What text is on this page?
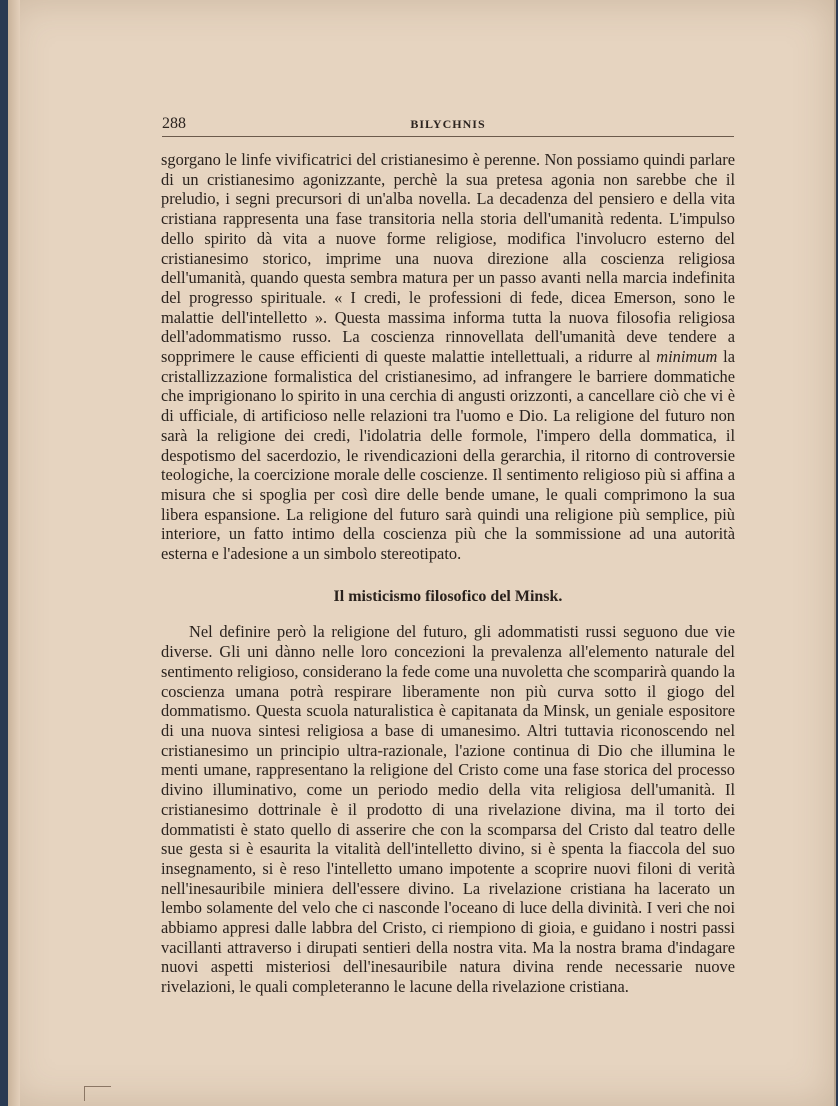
288	BILYCHNIS

sgorgano le linfe vivificatrici del cristianesimo è perenne. Non possiamo quindi parlare di un cristianesimo agonizzante, perchè la sua pretesa agonia non sarebbe che il preludio, i segni precursori di un'alba novella. La decadenza del pensiero e della vita cristiana rappresenta una fase transitoria nella storia dell'umanità redenta. L'impulso dello spirito dà vita a nuove forme religiose, modifica l'involucro esterno del cristianesimo storico, imprime una nuova direzione alla coscienza religiosa dell'umanità, quando questa sembra matura per un passo avanti nella marcia indefinita del progresso spirituale. « I credi, le professioni di fede, dicea Emerson, sono le malattie dell'intelletto ». Questa massima informa tutta la nuova filosofia religiosa dell'adommatismo russo. La coscienza rinnovellata dell'umanità deve tendere a sopprimere le cause efficienti di queste malattie intellettuali, a ridurre al minimum la cristallizzazione formalistica del cristianesimo, ad infrangere le barriere dommatiche che imprigionano lo spirito in una cerchia di angusti orizzonti, a cancellare ciò che vi è di ufficiale, di artificioso nelle relazioni tra l'uomo e Dio. La religione del futuro non sarà la religione dei credi, l'idolatria delle formole, l'impero della dommatica, il despotismo del sacerdozio, le rivendicazioni della gerarchia, il ritorno di controversie teologiche, la coercizione morale delle coscienze. Il sentimento religioso più si affina a misura che si spoglia per così dire delle bende umane, le quali comprimono la sua libera espansione. La religione del futuro sarà quindi una religione più semplice, più interiore, un fatto intimo della coscienza più che la sommissione ad una autorità esterna e l'adesione a un simbolo stereotipato.

Il misticismo filosofico del Minsk.

Nel definire però la religione del futuro, gli adommatisti russi seguono due vie diverse. Gli uni dànno nelle loro concezioni la prevalenza all'elemento naturale del sentimento religioso, considerano la fede come una nuvoletta che scomparirà quando la coscienza umana potrà respirare liberamente non più curva sotto il giogo del dommatismo. Questa scuola naturalistica è capitanata da Minsk, un geniale espositore di una nuova sintesi religiosa a base di umanesimo. Altri tuttavia riconoscendo nel cristianesimo un principio ultra-razionale, l'azione continua di Dio che illumina le menti umane, rappresentano la religione del Cristo come una fase storica del processo divino illuminativo, come un periodo medio della vita religiosa dell'umanità. Il cristianesimo dottrinale è il prodotto di una rivelazione divina, ma il torto dei dommatisti è stato quello di asserire che con la scomparsa del Cristo dal teatro delle sue gesta si è esaurita la vitalità dell'intelletto divino, si è spenta la fiaccola del suo insegnamento, si è reso l'intelletto umano impotente a scoprire nuovi filoni di verità nell'inesauribile miniera dell'essere divino. La rivelazione cristiana ha lacerato un lembo solamente del velo che ci nasconde l'oceano di luce della divinità. I veri che noi abbiamo appresi dalle labbra del Cristo, ci riempiono di gioia, e guidano i nostri passi vacillanti attraverso i dirupati sentieri della nostra vita. Ma la nostra brama d'indagare nuovi aspetti misteriosi dell'inesauribile natura divina rende necessarie nuove rivelazioni, le quali completeranno le lacune della rivelazione cristiana.
